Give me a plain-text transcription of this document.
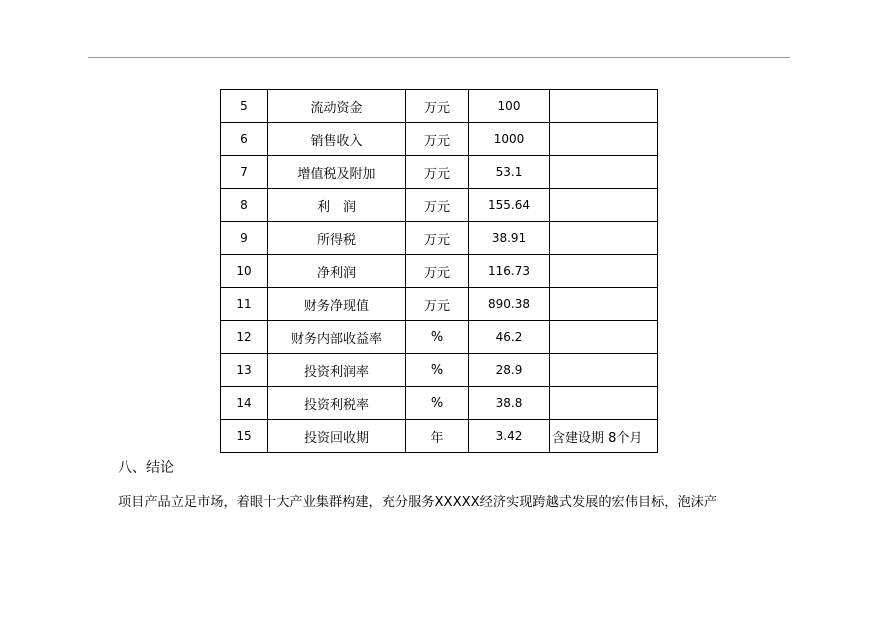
5	流动资金	万元	100	
6	销售收入	万元	1000	
7	增值税及附加	万元	53.1	
8	利　润	万元	155.64	
9	所得税	万元	38.91	
10	净利润	万元	116.73	
11	财务净现值	万元	890.38	
12	财务内部收益率	%	46.2	
13	投资利润率	%	28.9	
14	投资利税率	%	38.8	
15	投资回收期	年	3.42	含建设期 8个月
八、结论
项目产品立足市场，着眼十大产业集群构建，充分服务XXXXX经济实现跨越式发展的宏伟目标，泡沫产
